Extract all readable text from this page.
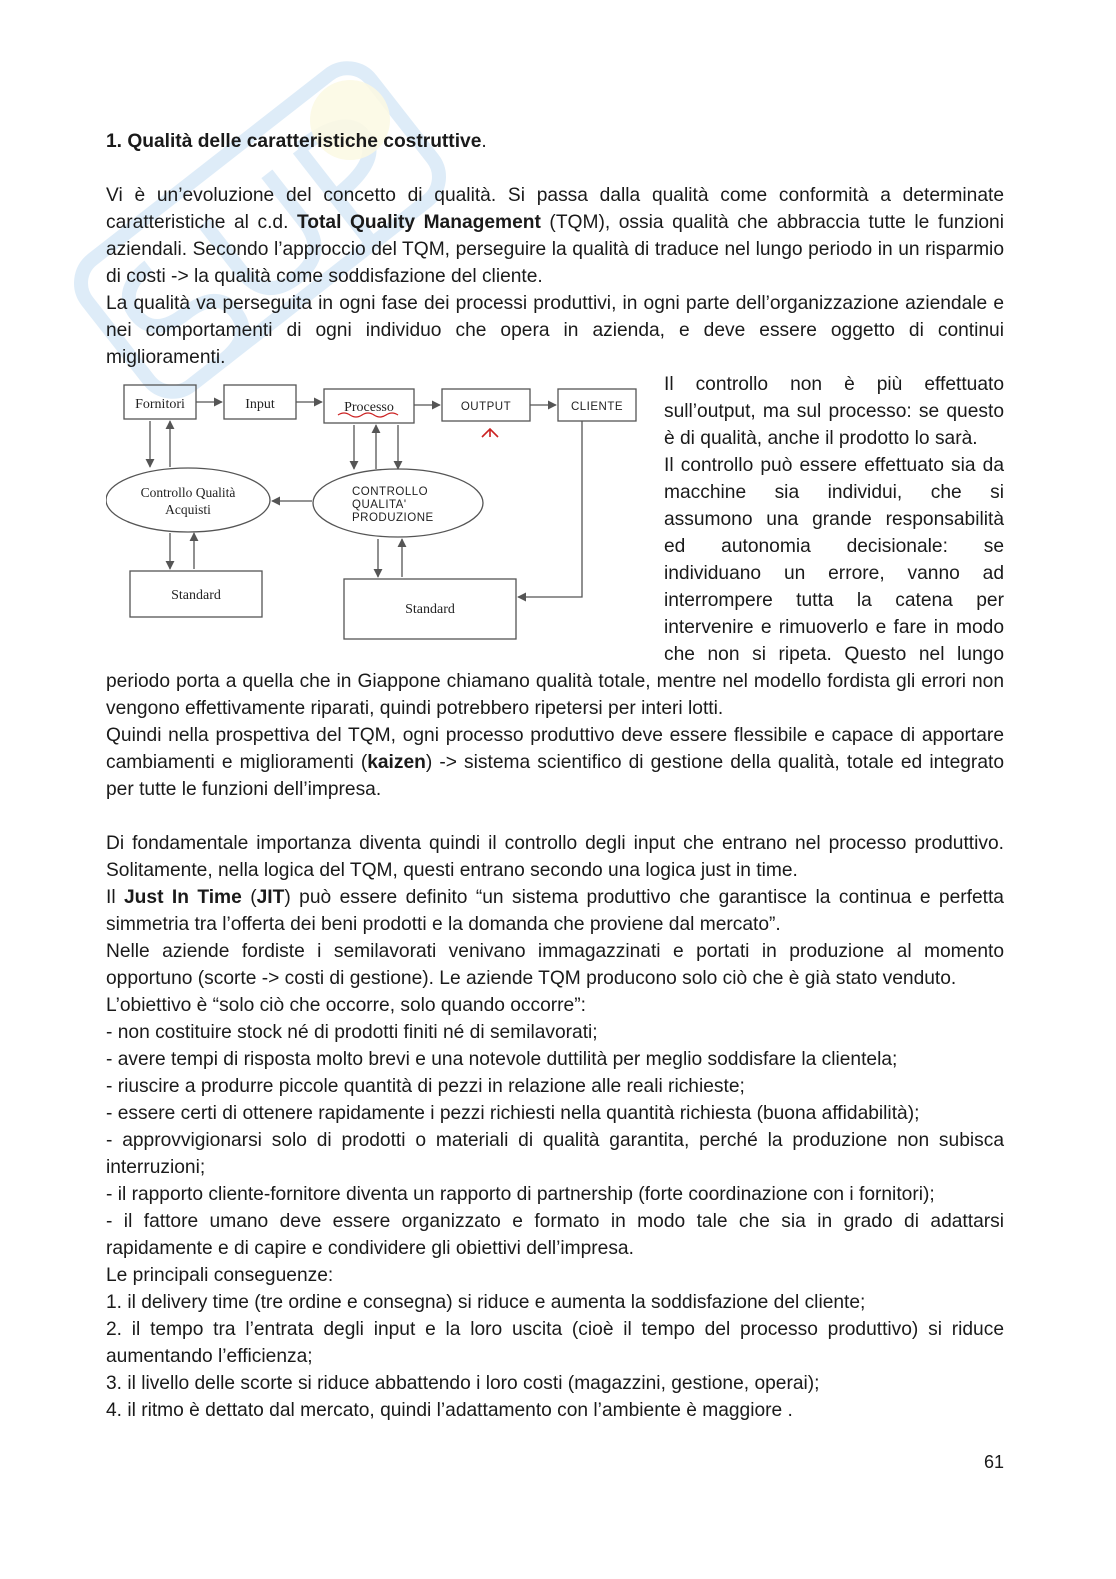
1. Qualità delle caratteristiche costruttive.

Vi è un’evoluzione del concetto di qualità. Si passa dalla qualità come conformità a determinate caratteristiche al c.d. Total Quality Management (TQM), ossia qualità che abbraccia tutte le funzioni aziendali. Secondo l’approccio del TQM, perseguire la qualità di traduce nel lungo periodo in un risparmio di costi -> la qualità come soddisfazione del cliente.

La qualità va perseguita in ogni fase dei processi produttivi, in ogni parte dell’organizzazione aziendale e nei comportamenti di ogni individuo che opera in azienda, e deve essere oggetto di continui miglioramenti.

Fornitori	Input	Processo	OUTPUT	CLIENTE
Controllo Qualità
Acquisti
CONTROLLO
QUALITA'
PRODUZIONE
Standard
Standard

Il controllo non è più effettuato sull’output, ma sul processo: se questo è di qualità, anche il prodotto lo sarà.

Il controllo può essere effettuato sia da macchine sia individui, che si assumono una grande responsabilità ed autonomia decisionale: se individuano un errore, vanno ad interrompere tutta la catena per intervenire e rimuoverlo e fare in modo che non si ripeta. Questo nel lungo periodo porta a quella che in Giappone chiamano qualità totale, mentre nel modello fordista gli errori non vengono effettivamente riparati, quindi potrebbero ripetersi per interi lotti.

Quindi nella prospettiva del TQM, ogni processo produttivo deve essere flessibile e capace di apportare cambiamenti e miglioramenti (kaizen) -> sistema scientifico di gestione della qualità, totale ed integrato per tutte le funzioni dell’impresa.

Di fondamentale importanza diventa quindi il controllo degli input che entrano nel processo produttivo. Solitamente, nella logica del TQM, questi entrano secondo una logica just in time.

Il Just In Time (JIT) può essere definito “un sistema produttivo che garantisce la continua e perfetta simmetria tra l’offerta dei beni prodotti e la domanda che proviene dal mercato”.

Nelle aziende fordiste i semilavorati venivano immagazzinati e portati in produzione al momento opportuno (scorte -> costi di gestione). Le aziende TQM producono solo ciò che è già stato venduto.

L’obiettivo è “solo ciò che occorre, solo quando occorre”:

- non costituire stock né di prodotti finiti né di semilavorati;

- avere tempi di risposta molto brevi e una notevole duttilità per meglio soddisfare la clientela;

- riuscire a produrre piccole quantità di pezzi in relazione alle reali richieste;

- essere certi di ottenere rapidamente i pezzi richiesti nella quantità richiesta (buona affidabilità);

- approvvigionarsi solo di prodotti o materiali di qualità garantita, perché la produzione non subisca interruzioni;

- il rapporto cliente-fornitore diventa un rapporto di partnership (forte coordinazione con i fornitori);

- il fattore umano deve essere organizzato e formato in modo tale che sia in grado di adattarsi rapidamente e di capire e condividere gli obiettivi dell’impresa.

Le principali conseguenze:

1. il delivery time (tre ordine e consegna) si riduce e aumenta la soddisfazione del cliente;

2. il tempo tra l’entrata degli input e la loro uscita (cioè il tempo del processo produttivo) si riduce aumentando l’efficienza;

3. il livello delle scorte si riduce abbattendo i loro costi (magazzini, gestione, operai);

4. il ritmo è dettato dal mercato, quindi l’adattamento con l’ambiente è maggiore .

61
